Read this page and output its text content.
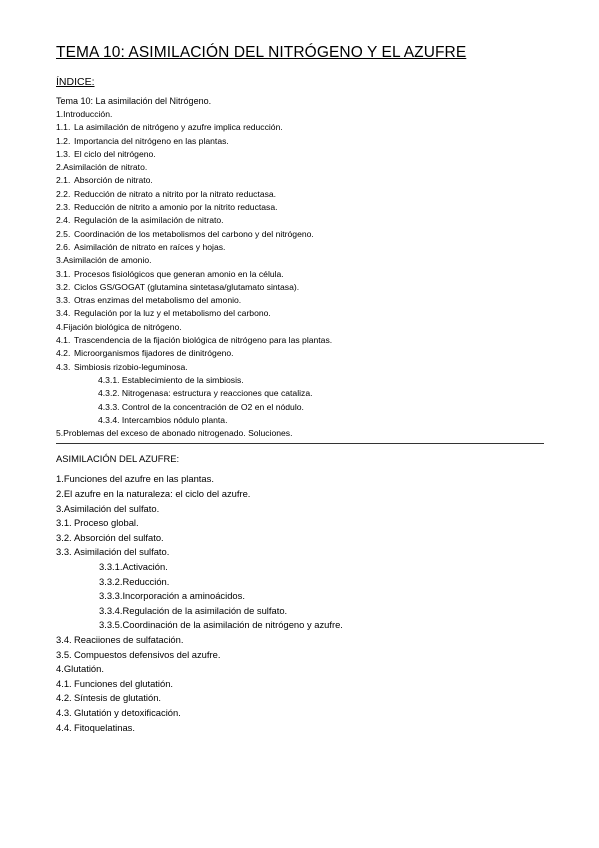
TEMA 10: ASIMILACIÓN DEL NITRÓGENO Y EL AZUFRE
ÍNDICE:
Tema 10: La asimilación del Nitrógeno.
1.Introducción.
1.1. La asimilación de nitrógeno y azufre implica reducción.
1.2. Importancia del nitrógeno en las plantas.
1.3. El ciclo del nitrógeno.
2.Asimilación de nitrato.
2.1. Absorción de nitrato.
2.2. Reducción de nitrato a nitrito por la nitrato reductasa.
2.3. Reducción de nitrito a amonio por la nitrito reductasa.
2.4. Regulación de la asimilación de nitrato.
2.5. Coordinación de los metabolismos del carbono y del nitrógeno.
2.6. Asimilación de nitrato en raíces y hojas.
3.Asimilación de amonio.
3.1. Procesos fisiológicos que generan amonio en la célula.
3.2. Ciclos GS/GOGAT (glutamina sintetasa/glutamato sintasa).
3.3. Otras enzimas del metabolismo del amonio.
3.4. Regulación por la luz y el metabolismo del carbono.
4.Fijación biológica de nitrógeno.
4.1. Trascendencia de la fijación biológica de nitrógeno para las plantas.
4.2. Microorganismos fijadores de dinitrógeno.
4.3. Simbiosis rizobio-leguminosa.
4.3.1. Establecimiento de la simbiosis.
4.3.2. Nitrogenasa: estructura y reacciones que cataliza.
4.3.3. Control de la concentración de O2 en el nódulo.
4.3.4. Intercambios nódulo planta.
5.Problemas del exceso de abonado nitrogenado. Soluciones.
ASIMILACIÓN DEL AZUFRE:
1.Funciones del azufre en las plantas.
2.El azufre en la naturaleza: el ciclo del azufre.
3.Asimilación del sulfato.
3.1. Proceso global.
3.2. Absorción del sulfato.
3.3. Asimilación del sulfato.
3.3.1.Activación.
3.3.2.Reducción.
3.3.3.Incorporación a aminoácidos.
3.3.4.Regulación de la asimilación de sulfato.
3.3.5.Coordinación de la asimilación de nitrógeno y azufre.
3.4. Reaciiones de sulfatación.
3.5. Compuestos defensivos del azufre.
4.Glutatión.
4.1. Funciones del glutatión.
4.2. Síntesis de glutatión.
4.3. Glutatión y detoxificación.
4.4. Fitoquelatinas.
